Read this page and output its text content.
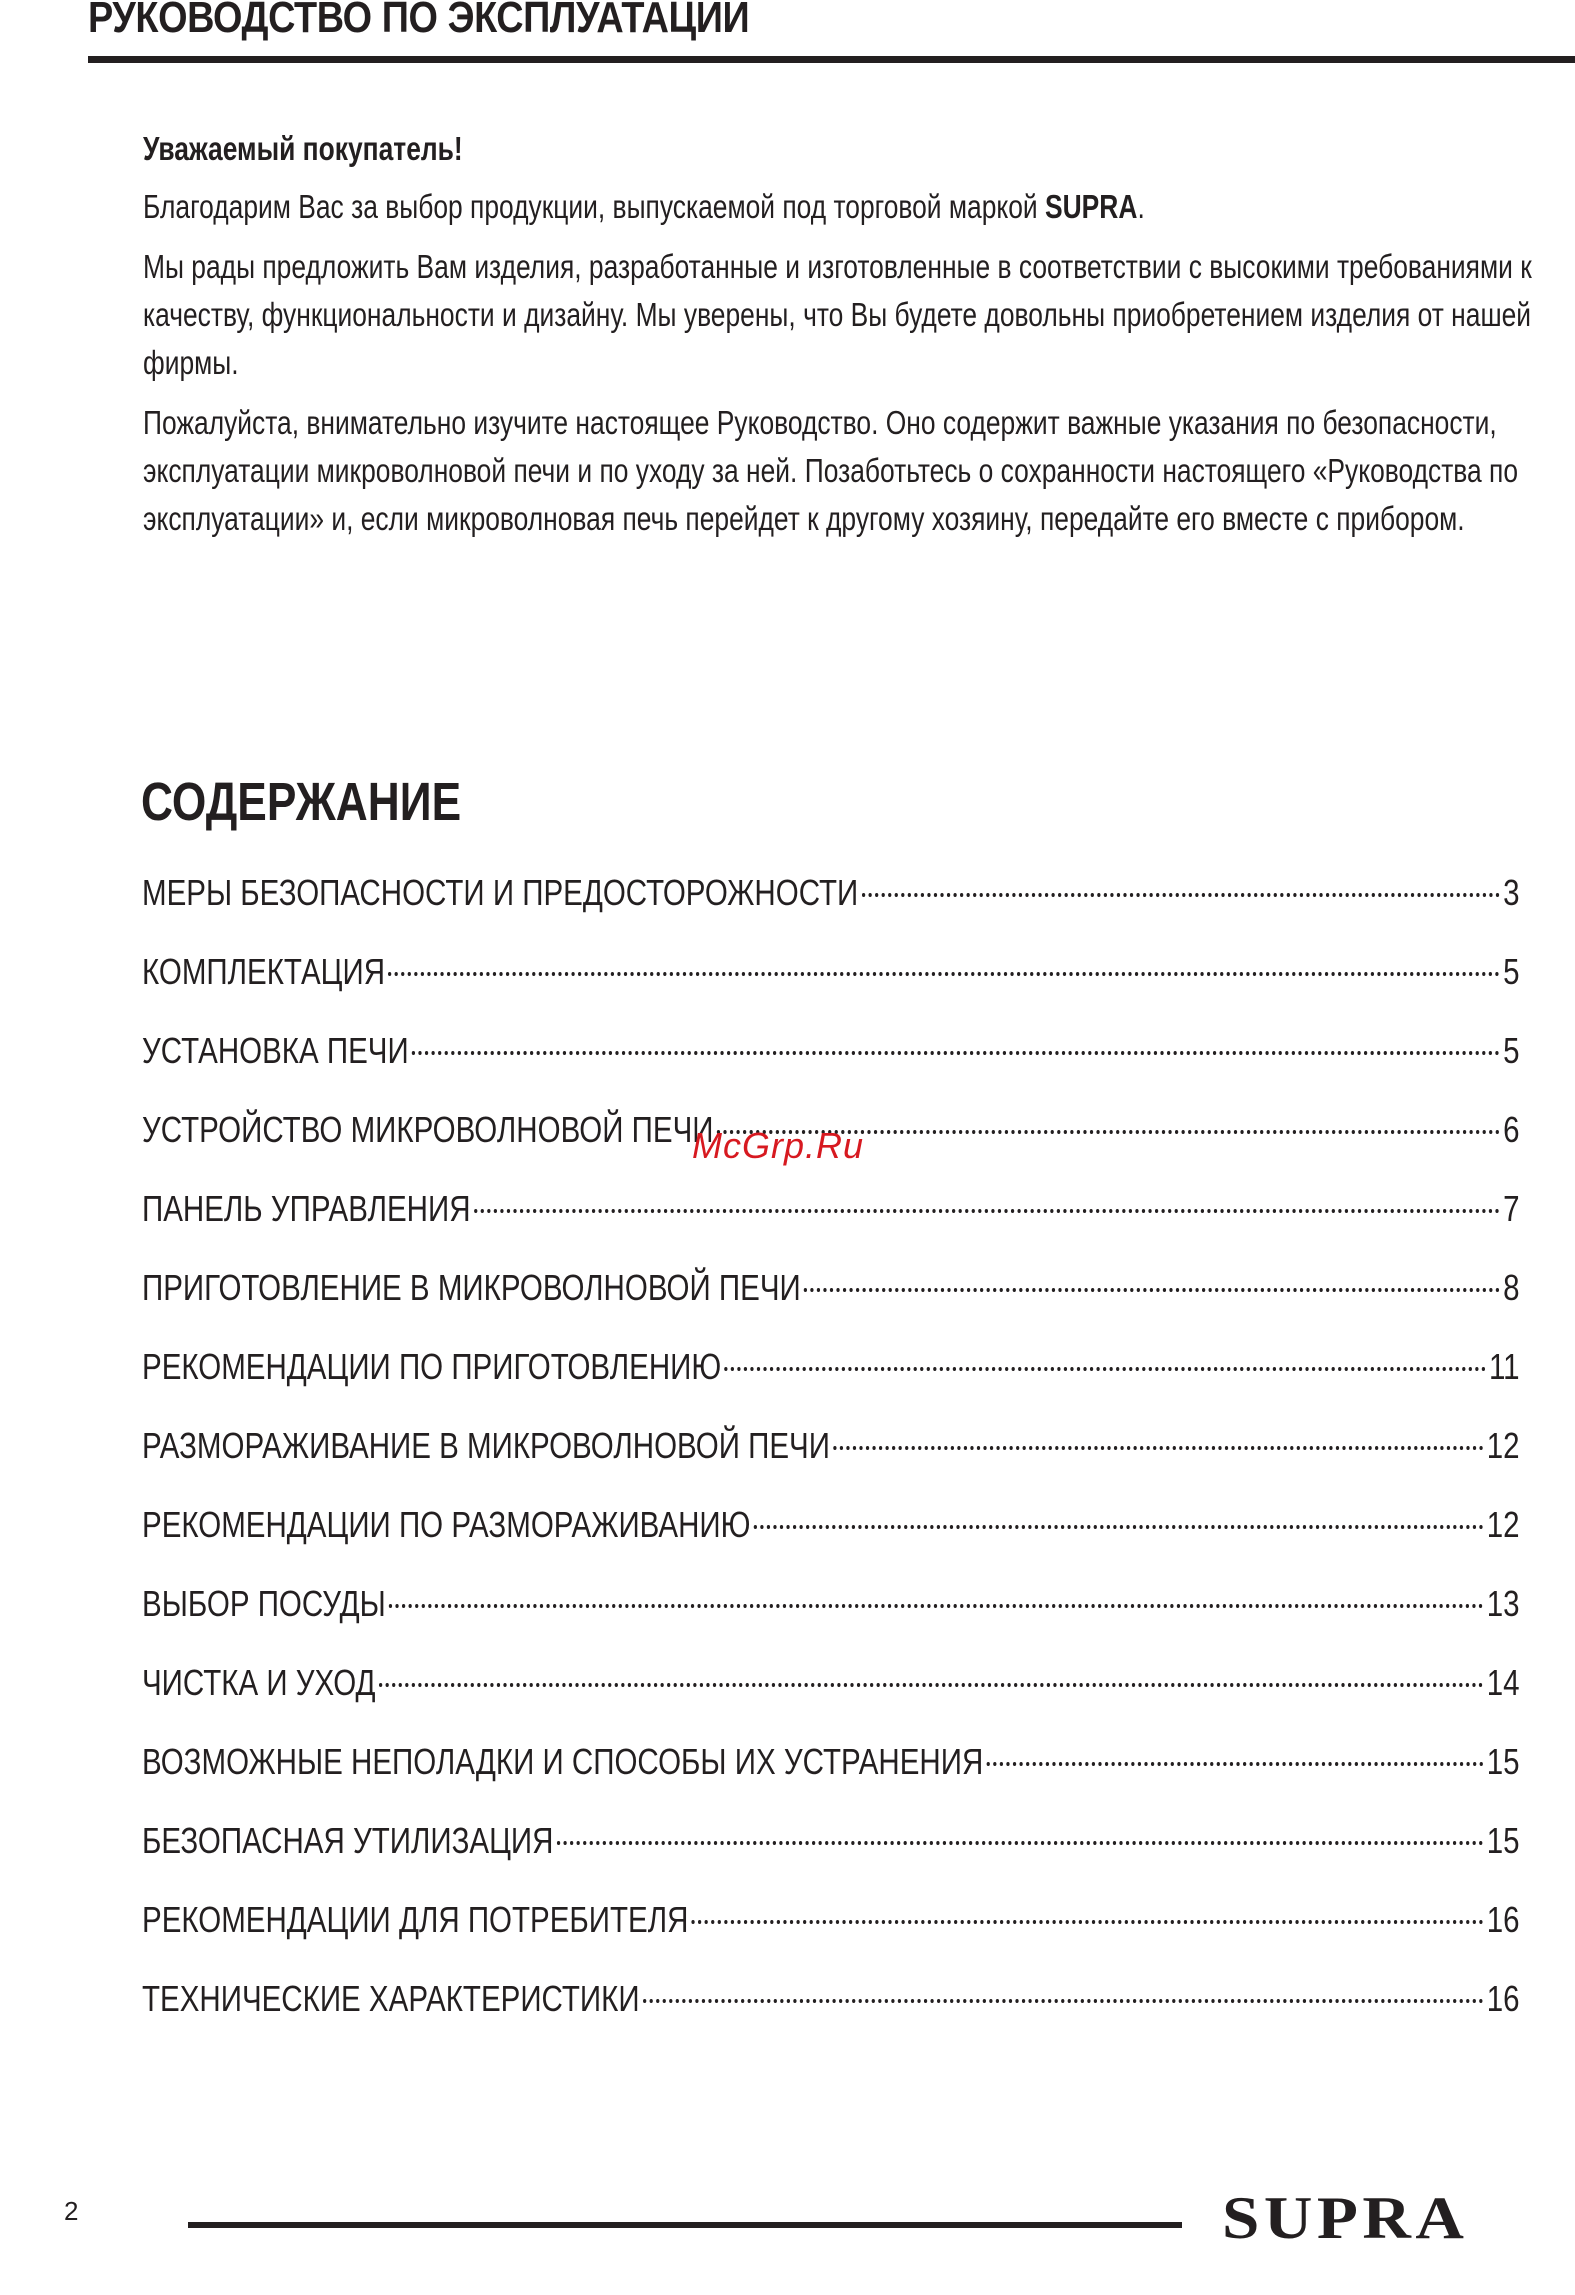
РУКОВОДСТВО ПО ЭКСПЛУАТАЦИИ

Уважаемый покупатель!

Благодарим Вас за выбор продукции, выпускаемой под торговой маркой SUPRA.

Мы рады предложить Вам изделия, разработанные и изготовленные в соответствии с высокими требованиями к качеству, функциональности и дизайну. Мы уверены, что Вы будете довольны приобретением изделия от нашей фирмы.

Пожалуйста, внимательно изучите настоящее Руководство. Оно содержит важные указания по безопасности, эксплуатации микроволновой печи и по уходу за ней. Позаботьтесь о сохранности настоящего «Руководства по эксплуатации» и, если микроволновая печь перейдет к другому хозяину, передайте его вместе с прибором.

СОДЕРЖАНИЕ
МЕРЫ БЕЗОПАСНОСТИ И ПРЕДОСТОРОЖНОСТИ	3
КОМПЛЕКТАЦИЯ	5
УСТАНОВКА ПЕЧИ	5
УСТРОЙСТВО МИКРОВОЛНОВОЙ ПЕЧИ	6
ПАНЕЛЬ УПРАВЛЕНИЯ	7
ПРИГОТОВЛЕНИЕ В МИКРОВОЛНОВОЙ ПЕЧИ	8
РЕКОМЕНДАЦИИ ПО ПРИГОТОВЛЕНИЮ	11
РАЗМОРАЖИВАНИЕ В МИКРОВОЛНОВОЙ ПЕЧИ	12
РЕКОМЕНДАЦИИ ПО РАЗМОРАЖИВАНИЮ	12
ВЫБОР ПОСУДЫ	13
ЧИСТКА И УХОД	14
ВОЗМОЖНЫЕ НЕПОЛАДКИ И СПОСОБЫ ИХ УСТРАНЕНИЯ	15
БЕЗОПАСНАЯ УТИЛИЗАЦИЯ	15
РЕКОМЕНДАЦИИ ДЛЯ ПОТРЕБИТЕЛЯ	16
ТЕХНИЧЕСКИЕ ХАРАКТЕРИСТИКИ	16
McGrp.Ru
2	SUPRA
